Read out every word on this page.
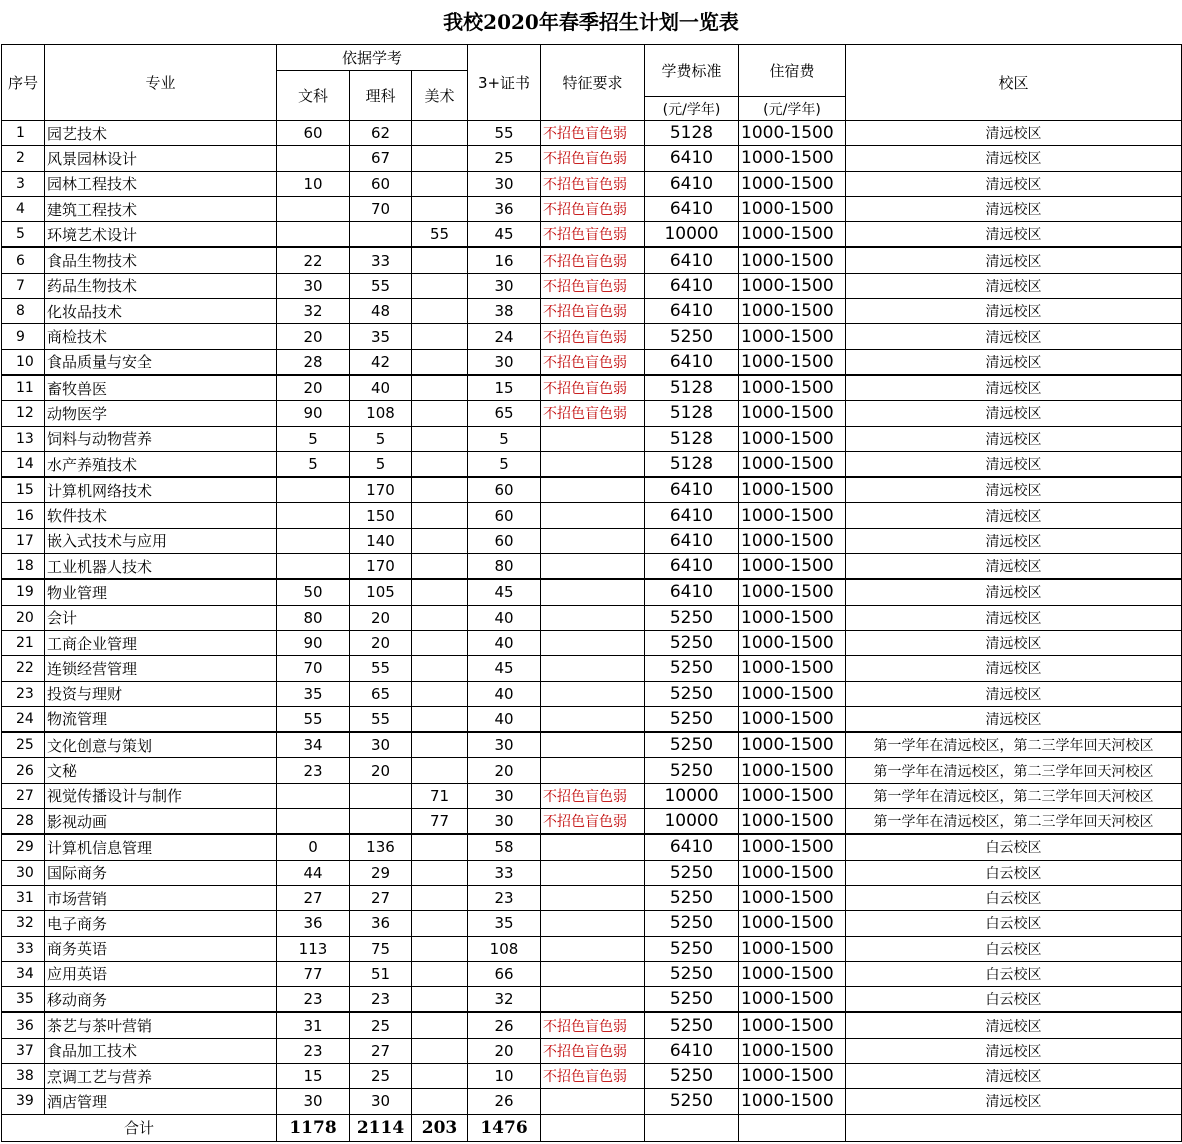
我校2020年春季招生计划一览表
序号	专业	依据学考			3+证书	特征要求	学费标准	住宿费	校区
		文科	理科	美术					
							(元/学年)	(元/学年)	
1	园艺技术	60	62		55	不招色盲色弱	5128	1000-1500	清远校区
2	风景园林设计		67		25	不招色盲色弱	6410	1000-1500	清远校区
3	园林工程技术	10	60		30	不招色盲色弱	6410	1000-1500	清远校区
4	建筑工程技术		70		36	不招色盲色弱	6410	1000-1500	清远校区
5	环境艺术设计			55	45	不招色盲色弱	10000	1000-1500	清远校区
6	食品生物技术	22	33		16	不招色盲色弱	6410	1000-1500	清远校区
7	药品生物技术	30	55		30	不招色盲色弱	6410	1000-1500	清远校区
8	化妆品技术	32	48		38	不招色盲色弱	6410	1000-1500	清远校区
9	商检技术	20	35		24	不招色盲色弱	5250	1000-1500	清远校区
10	食品质量与安全	28	42		30	不招色盲色弱	6410	1000-1500	清远校区
11	畜牧兽医	20	40		15	不招色盲色弱	5128	1000-1500	清远校区
12	动物医学	90	108		65	不招色盲色弱	5128	1000-1500	清远校区
13	饲料与动物营养	5	5		5		5128	1000-1500	清远校区
14	水产养殖技术	5	5		5		5128	1000-1500	清远校区
15	计算机网络技术		170		60		6410	1000-1500	清远校区
16	软件技术		150		60		6410	1000-1500	清远校区
17	嵌入式技术与应用		140		60		6410	1000-1500	清远校区
18	工业机器人技术		170		80		6410	1000-1500	清远校区
19	物业管理	50	105		45		6410	1000-1500	清远校区
20	会计	80	20		40		5250	1000-1500	清远校区
21	工商企业管理	90	20		40		5250	1000-1500	清远校区
22	连锁经营管理	70	55		45		5250	1000-1500	清远校区
23	投资与理财	35	65		40		5250	1000-1500	清远校区
24	物流管理	55	55		40		5250	1000-1500	清远校区
25	文化创意与策划	34	30		30		5250	1000-1500	第一学年在清远校区，第二三学年回天河校区
26	文秘	23	20		20		5250	1000-1500	第一学年在清远校区，第二三学年回天河校区
27	视觉传播设计与制作			71	30	不招色盲色弱	10000	1000-1500	第一学年在清远校区，第二三学年回天河校区
28	影视动画			77	30	不招色盲色弱	10000	1000-1500	第一学年在清远校区，第二三学年回天河校区
29	计算机信息管理	0	136		58		6410	1000-1500	白云校区
30	国际商务	44	29		33		5250	1000-1500	白云校区
31	市场营销	27	27		23		5250	1000-1500	白云校区
32	电子商务	36	36		35		5250	1000-1500	白云校区
33	商务英语	113	75		108		5250	1000-1500	白云校区
34	应用英语	77	51		66		5250	1000-1500	白云校区
35	移动商务	23	23		32		5250	1000-1500	白云校区
36	茶艺与茶叶营销	31	25		26	不招色盲色弱	5250	1000-1500	清远校区
37	食品加工技术	23	27		20	不招色盲色弱	6410	1000-1500	清远校区
38	烹调工艺与营养	15	25		10	不招色盲色弱	5250	1000-1500	清远校区
39	酒店管理	30	30		26		5250	1000-1500	清远校区
合计		1178	2114	203	1476				
